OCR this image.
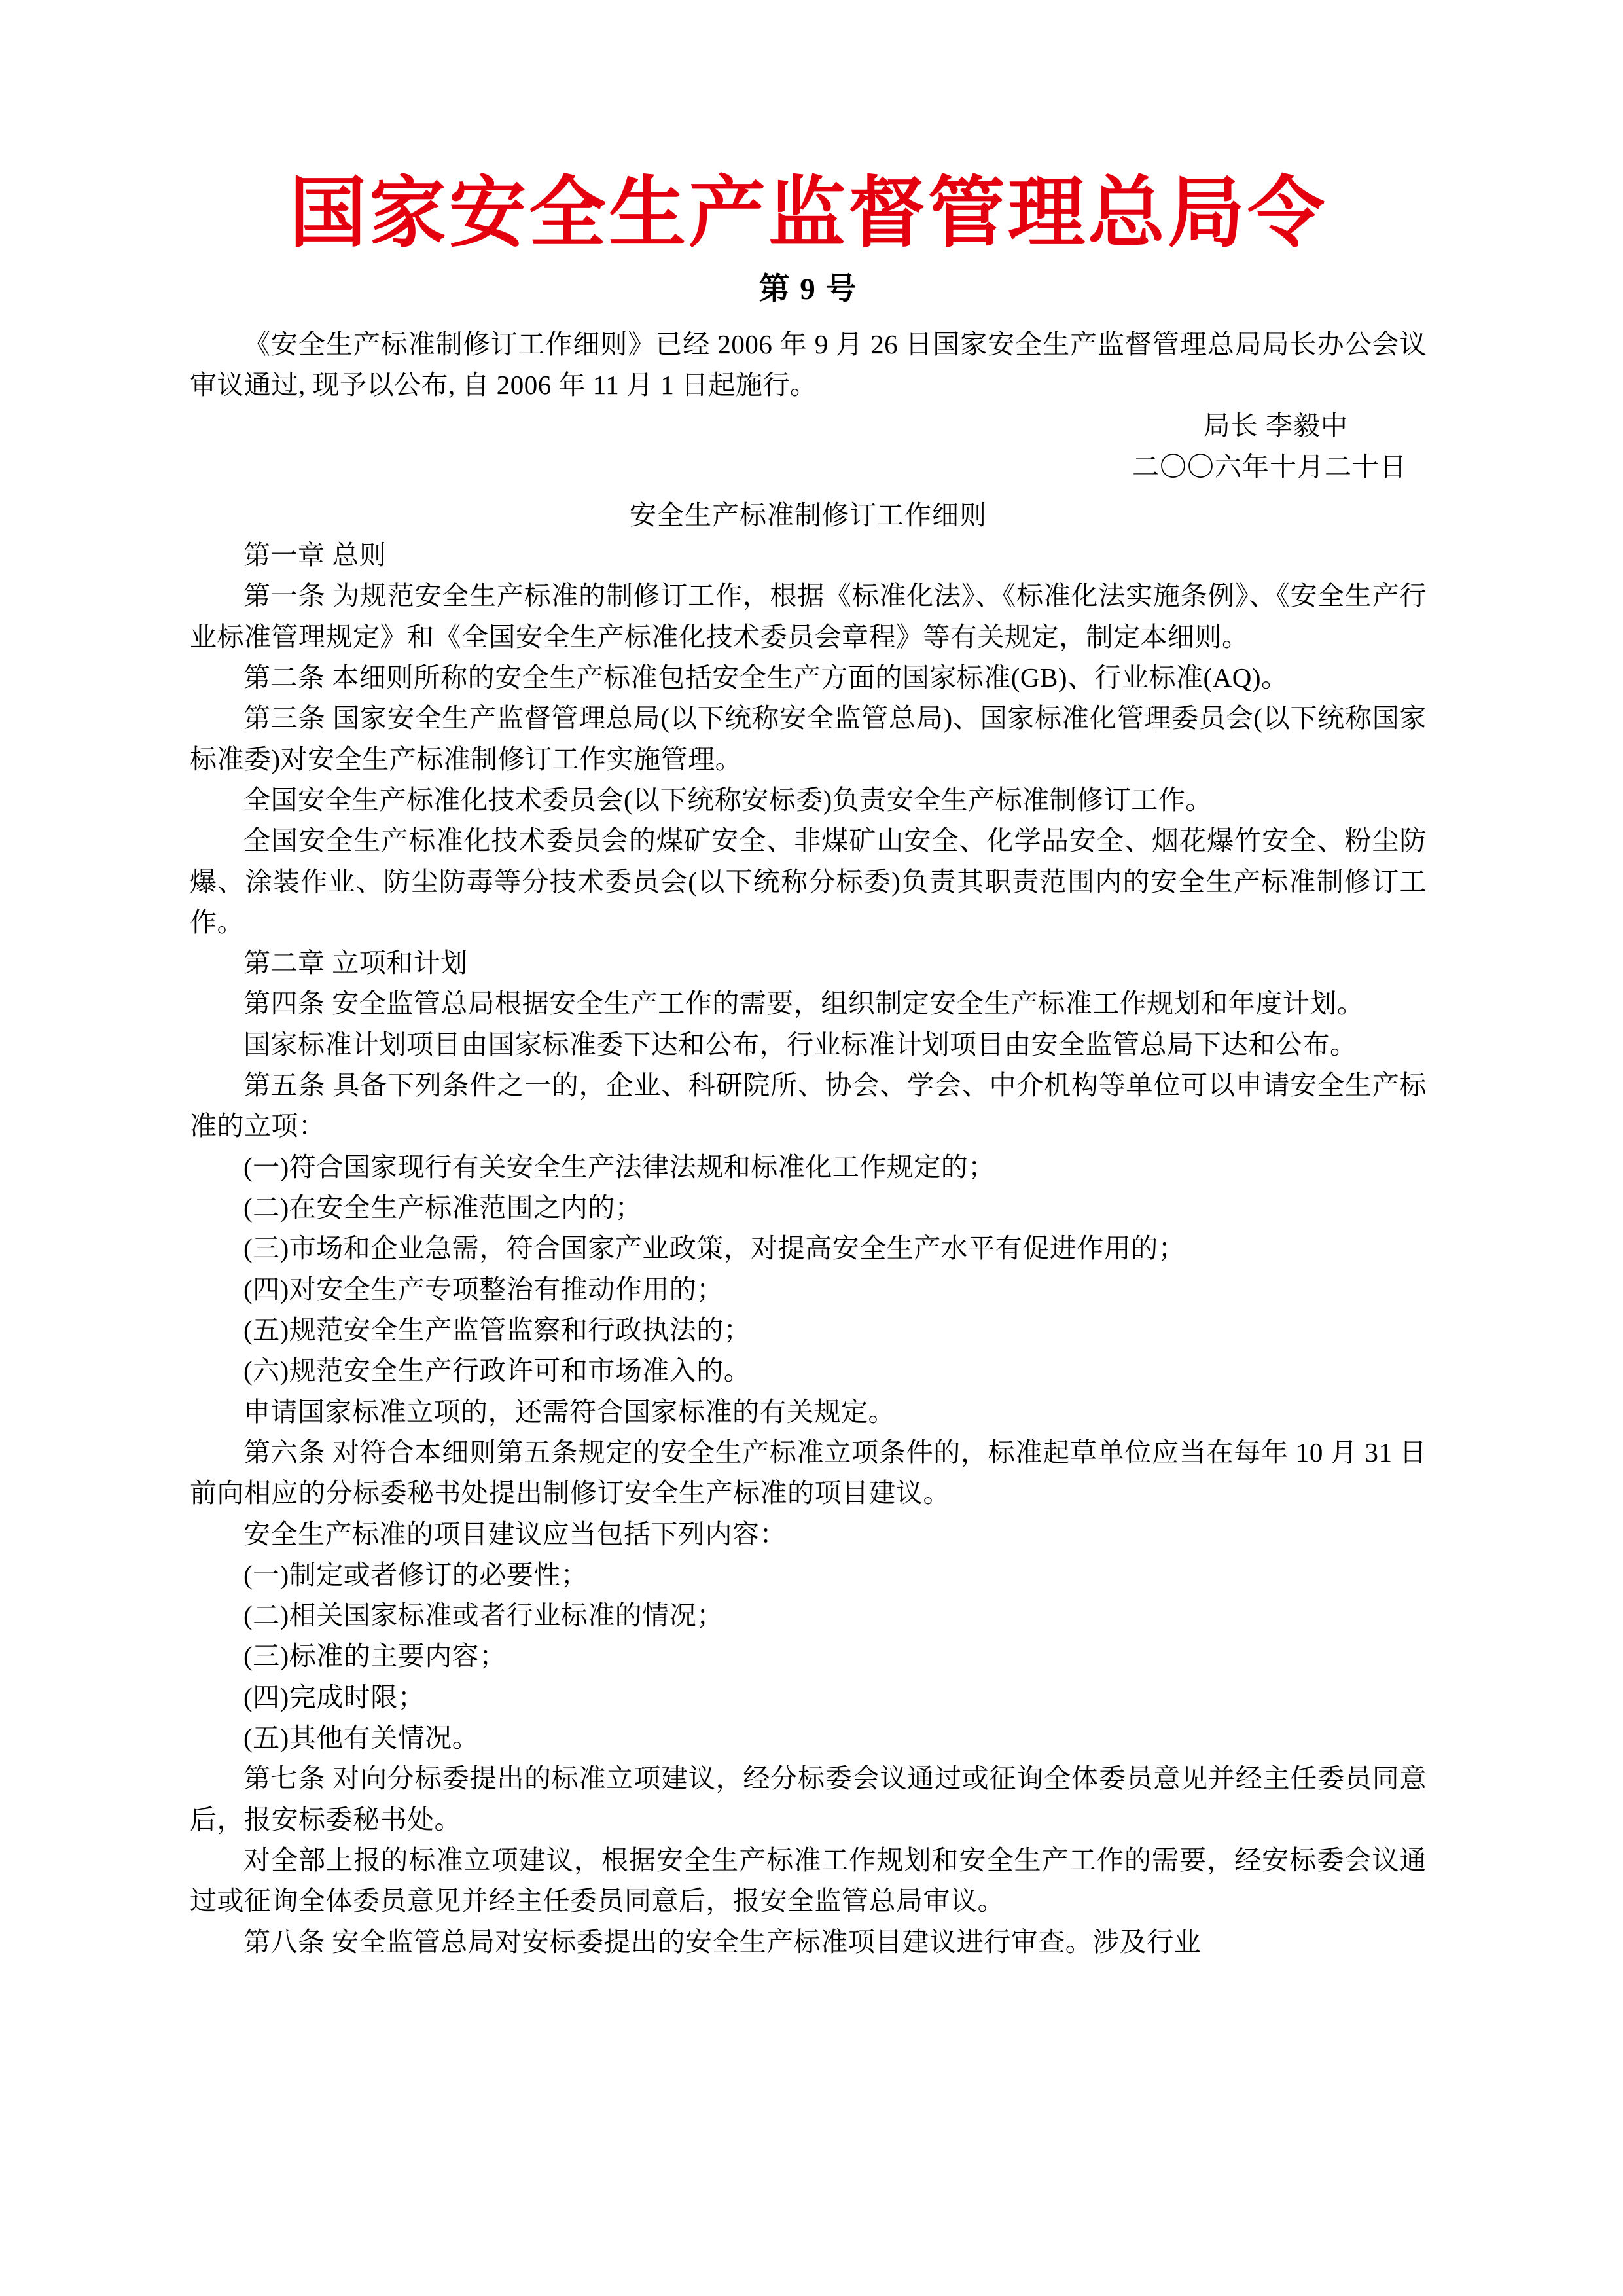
国家安全生产监督管理总局令
第 9 号

《安全生产标准制修订工作细则》已经 2006 年 9 月 26 日国家安全生产监督管理总局局长办公会议审议通过, 现予以公布, 自 2006 年 11 月 1 日起施行。

局长 李毅中
二〇〇六年十月二十日
安全生产标准制修订工作细则

第一章 总则

第一条 为规范安全生产标准的制修订工作，根据《标准化法》、《标准化法实施条例》、《安全生产行业标准管理规定》和《全国安全生产标准化技术委员会章程》等有关规定，制定本细则。

第二条 本细则所称的安全生产标准包括安全生产方面的国家标准(GB)、行业标准(AQ)。

第三条 国家安全生产监督管理总局(以下统称安全监管总局)、国家标准化管理委员会(以下统称国家标准委)对安全生产标准制修订工作实施管理。

全国安全生产标准化技术委员会(以下统称安标委)负责安全生产标准制修订工作。

全国安全生产标准化技术委员会的煤矿安全、非煤矿山安全、化学品安全、烟花爆竹安全、粉尘防爆、涂装作业、防尘防毒等分技术委员会(以下统称分标委)负责其职责范围内的安全生产标准制修订工作。

第二章 立项和计划

第四条 安全监管总局根据安全生产工作的需要，组织制定安全生产标准工作规划和年度计划。

国家标准计划项目由国家标准委下达和公布，行业标准计划项目由安全监管总局下达和公布。

第五条 具备下列条件之一的，企业、科研院所、协会、学会、中介机构等单位可以申请安全生产标准的立项：

(一)符合国家现行有关安全生产法律法规和标准化工作规定的；

(二)在安全生产标准范围之内的；

(三)市场和企业急需，符合国家产业政策，对提高安全生产水平有促进作用的；

(四)对安全生产专项整治有推动作用的；

(五)规范安全生产监管监察和行政执法的；

(六)规范安全生产行政许可和市场准入的。

申请国家标准立项的，还需符合国家标准的有关规定。

第六条 对符合本细则第五条规定的安全生产标准立项条件的，标准起草单位应当在每年 10 月 31 日前向相应的分标委秘书处提出制修订安全生产标准的项目建议。

安全生产标准的项目建议应当包括下列内容：

(一)制定或者修订的必要性；

(二)相关国家标准或者行业标准的情况；

(三)标准的主要内容；

(四)完成时限；

(五)其他有关情况。

第七条 对向分标委提出的标准立项建议，经分标委会议通过或征询全体委员意见并经主任委员同意后，报安标委秘书处。

对全部上报的标准立项建议，根据安全生产标准工作规划和安全生产工作的需要，经安标委会议通过或征询全体委员意见并经主任委员同意后，报安全监管总局审议。

第八条 安全监管总局对安标委提出的安全生产标准项目建议进行审查。涉及行业
